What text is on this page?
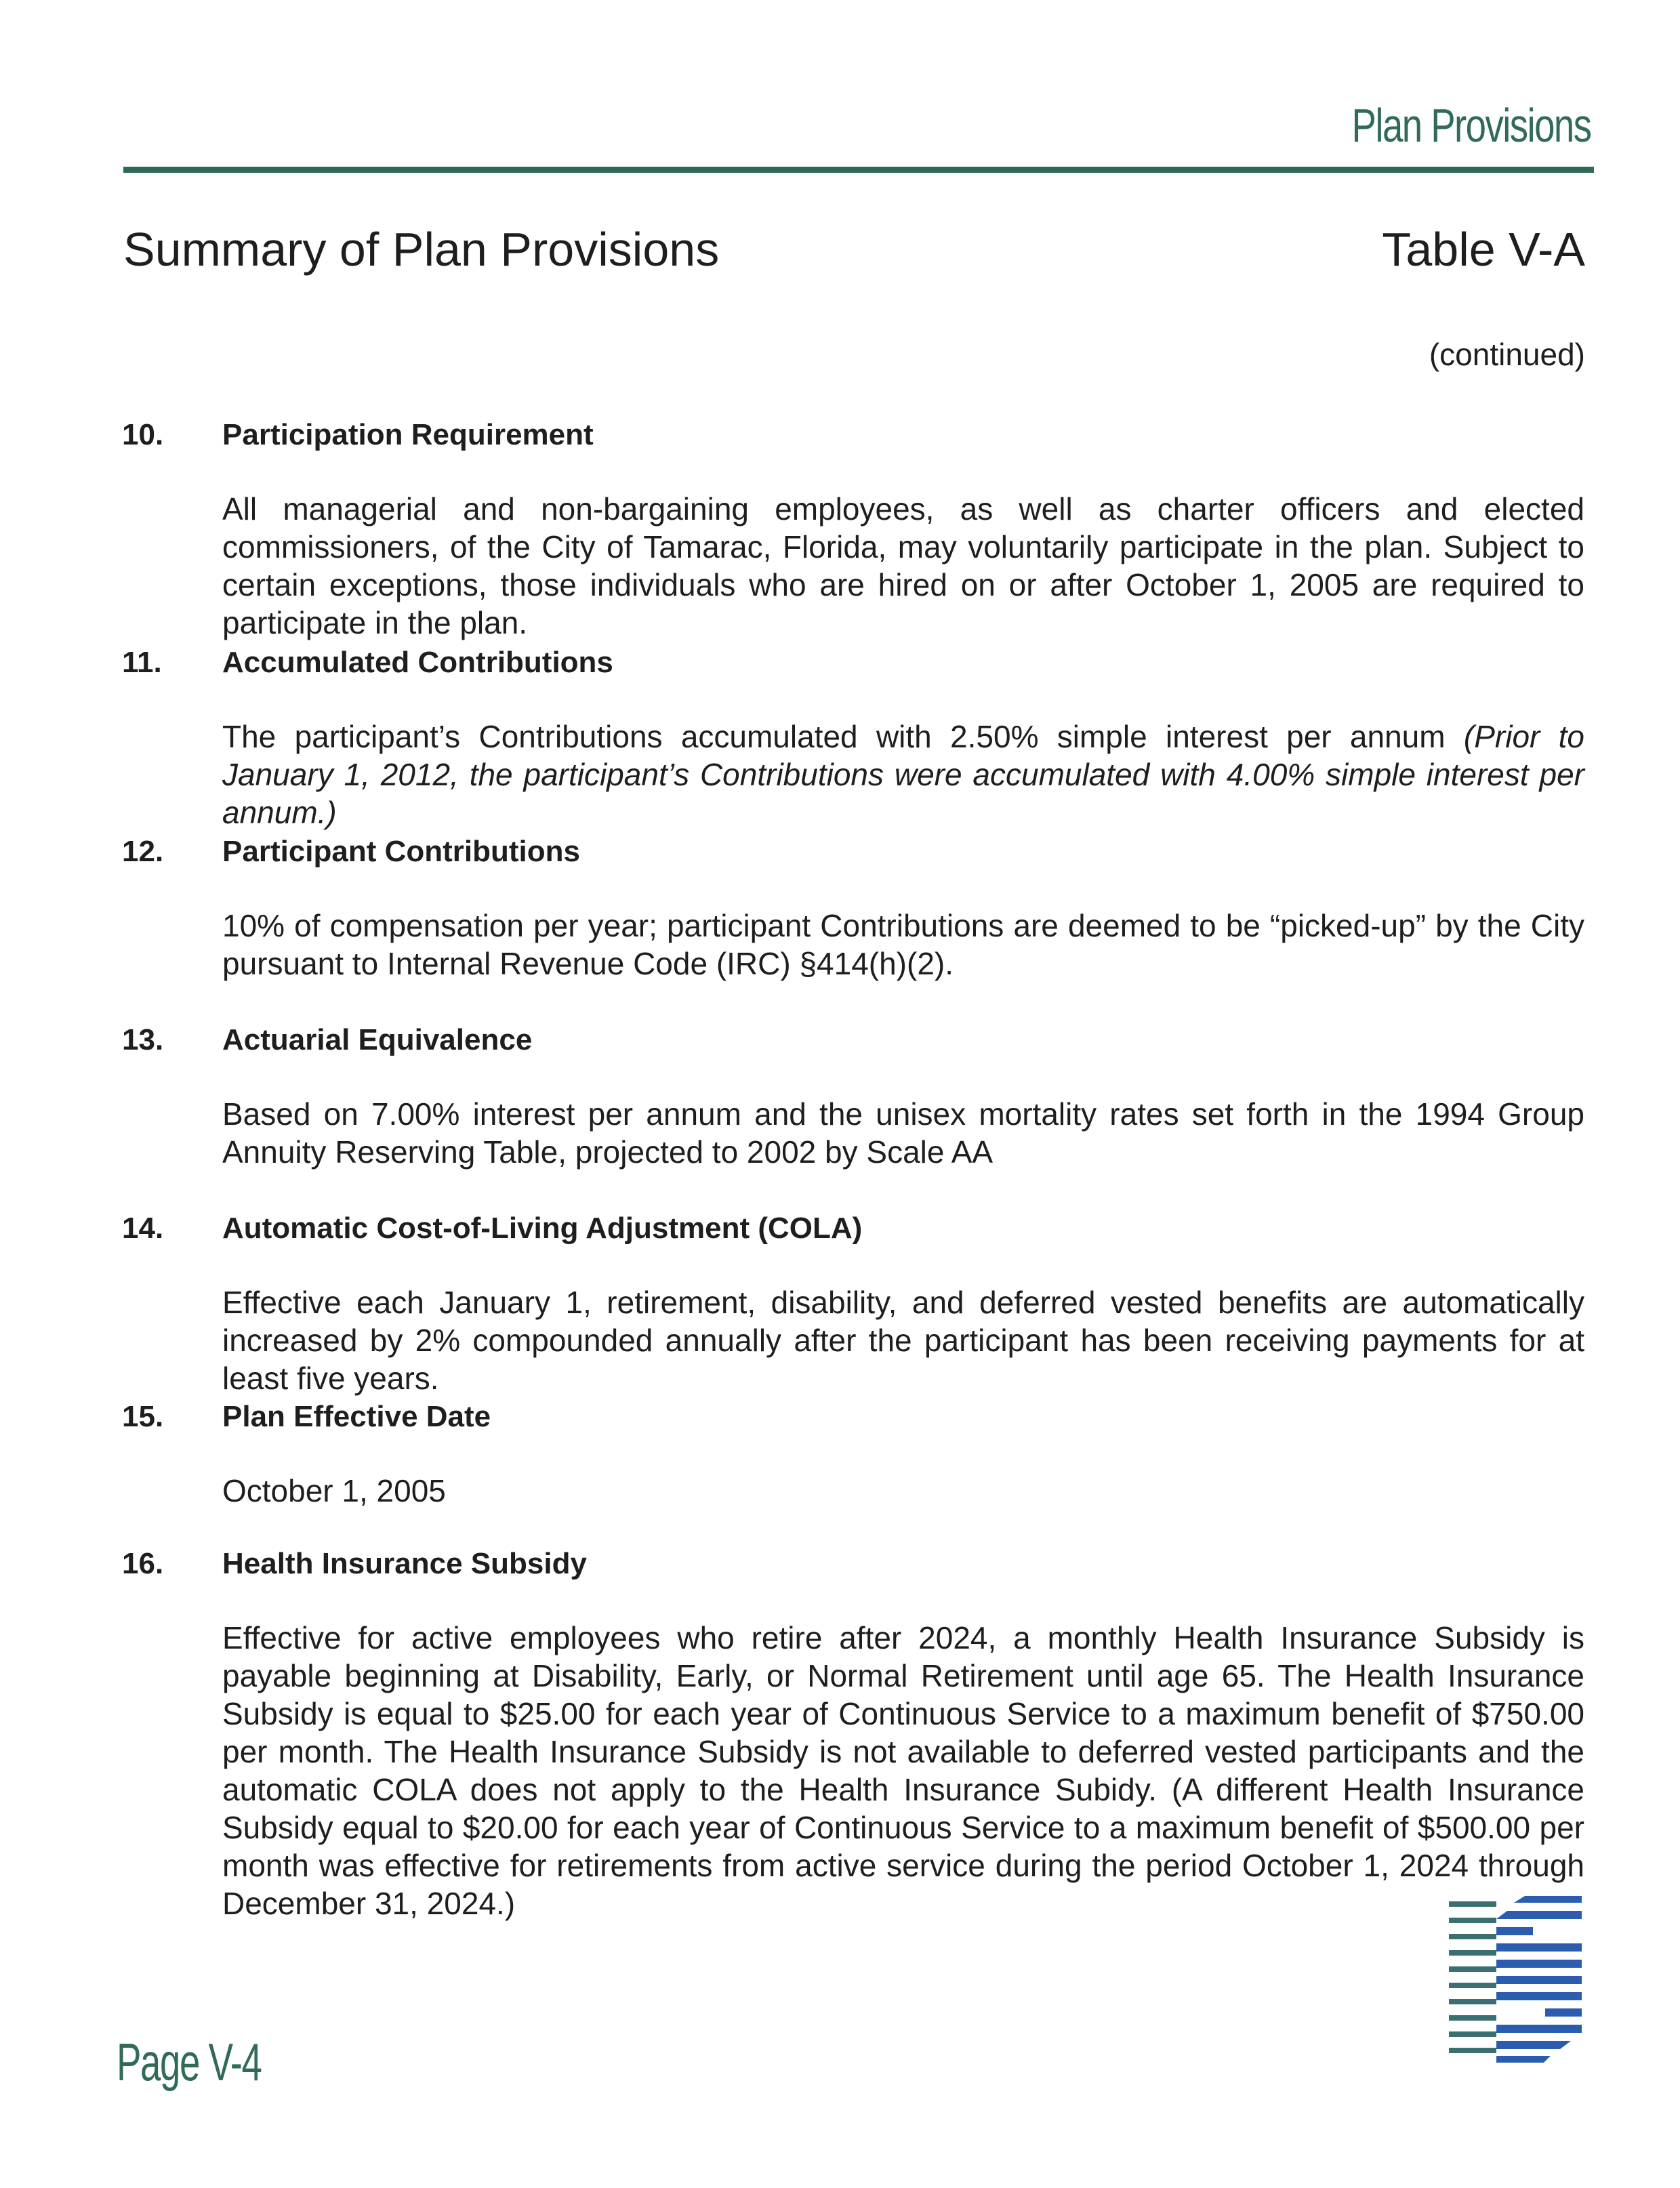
Plan Provisions
Summary of Plan Provisions	Table V-A
(continued)
10. Participation Requirement
All managerial and non-bargaining employees, as well as charter officers and elected commissioners, of the City of Tamarac, Florida, may voluntarily participate in the plan. Subject to certain exceptions, those individuals who are hired on or after October 1, 2005 are required to participate in the plan.
11. Accumulated Contributions
The participant’s Contributions accumulated with 2.50% simple interest per annum (Prior to January 1, 2012, the participant’s Contributions were accumulated with 4.00% simple interest per annum.)
12. Participant Contributions
10% of compensation per year; participant Contributions are deemed to be “picked-up” by the City pursuant to Internal Revenue Code (IRC) §414(h)(2).
13. Actuarial Equivalence
Based on 7.00% interest per annum and the unisex mortality rates set forth in the 1994 Group Annuity Reserving Table, projected to 2002 by Scale AA
14. Automatic Cost-of-Living Adjustment (COLA)
Effective each January 1, retirement, disability, and deferred vested benefits are automatically increased by 2% compounded annually after the participant has been receiving payments for at least five years.
15. Plan Effective Date
October 1, 2005
16. Health Insurance Subsidy
Effective for active employees who retire after 2024, a monthly Health Insurance Subsidy is payable beginning at Disability, Early, or Normal Retirement until age 65. The Health Insurance Subsidy is equal to $25.00 for each year of Continuous Service to a maximum benefit of $750.00 per month. The Health Insurance Subsidy is not available to deferred vested participants and the automatic COLA does not apply to the Health Insurance Subidy. (A different Health Insurance Subsidy equal to $20.00 for each year of Continuous Service to a maximum benefit of $500.00 per month was effective for retirements from active service during the period October 1, 2024 through December 31, 2024.)
Page V-4
